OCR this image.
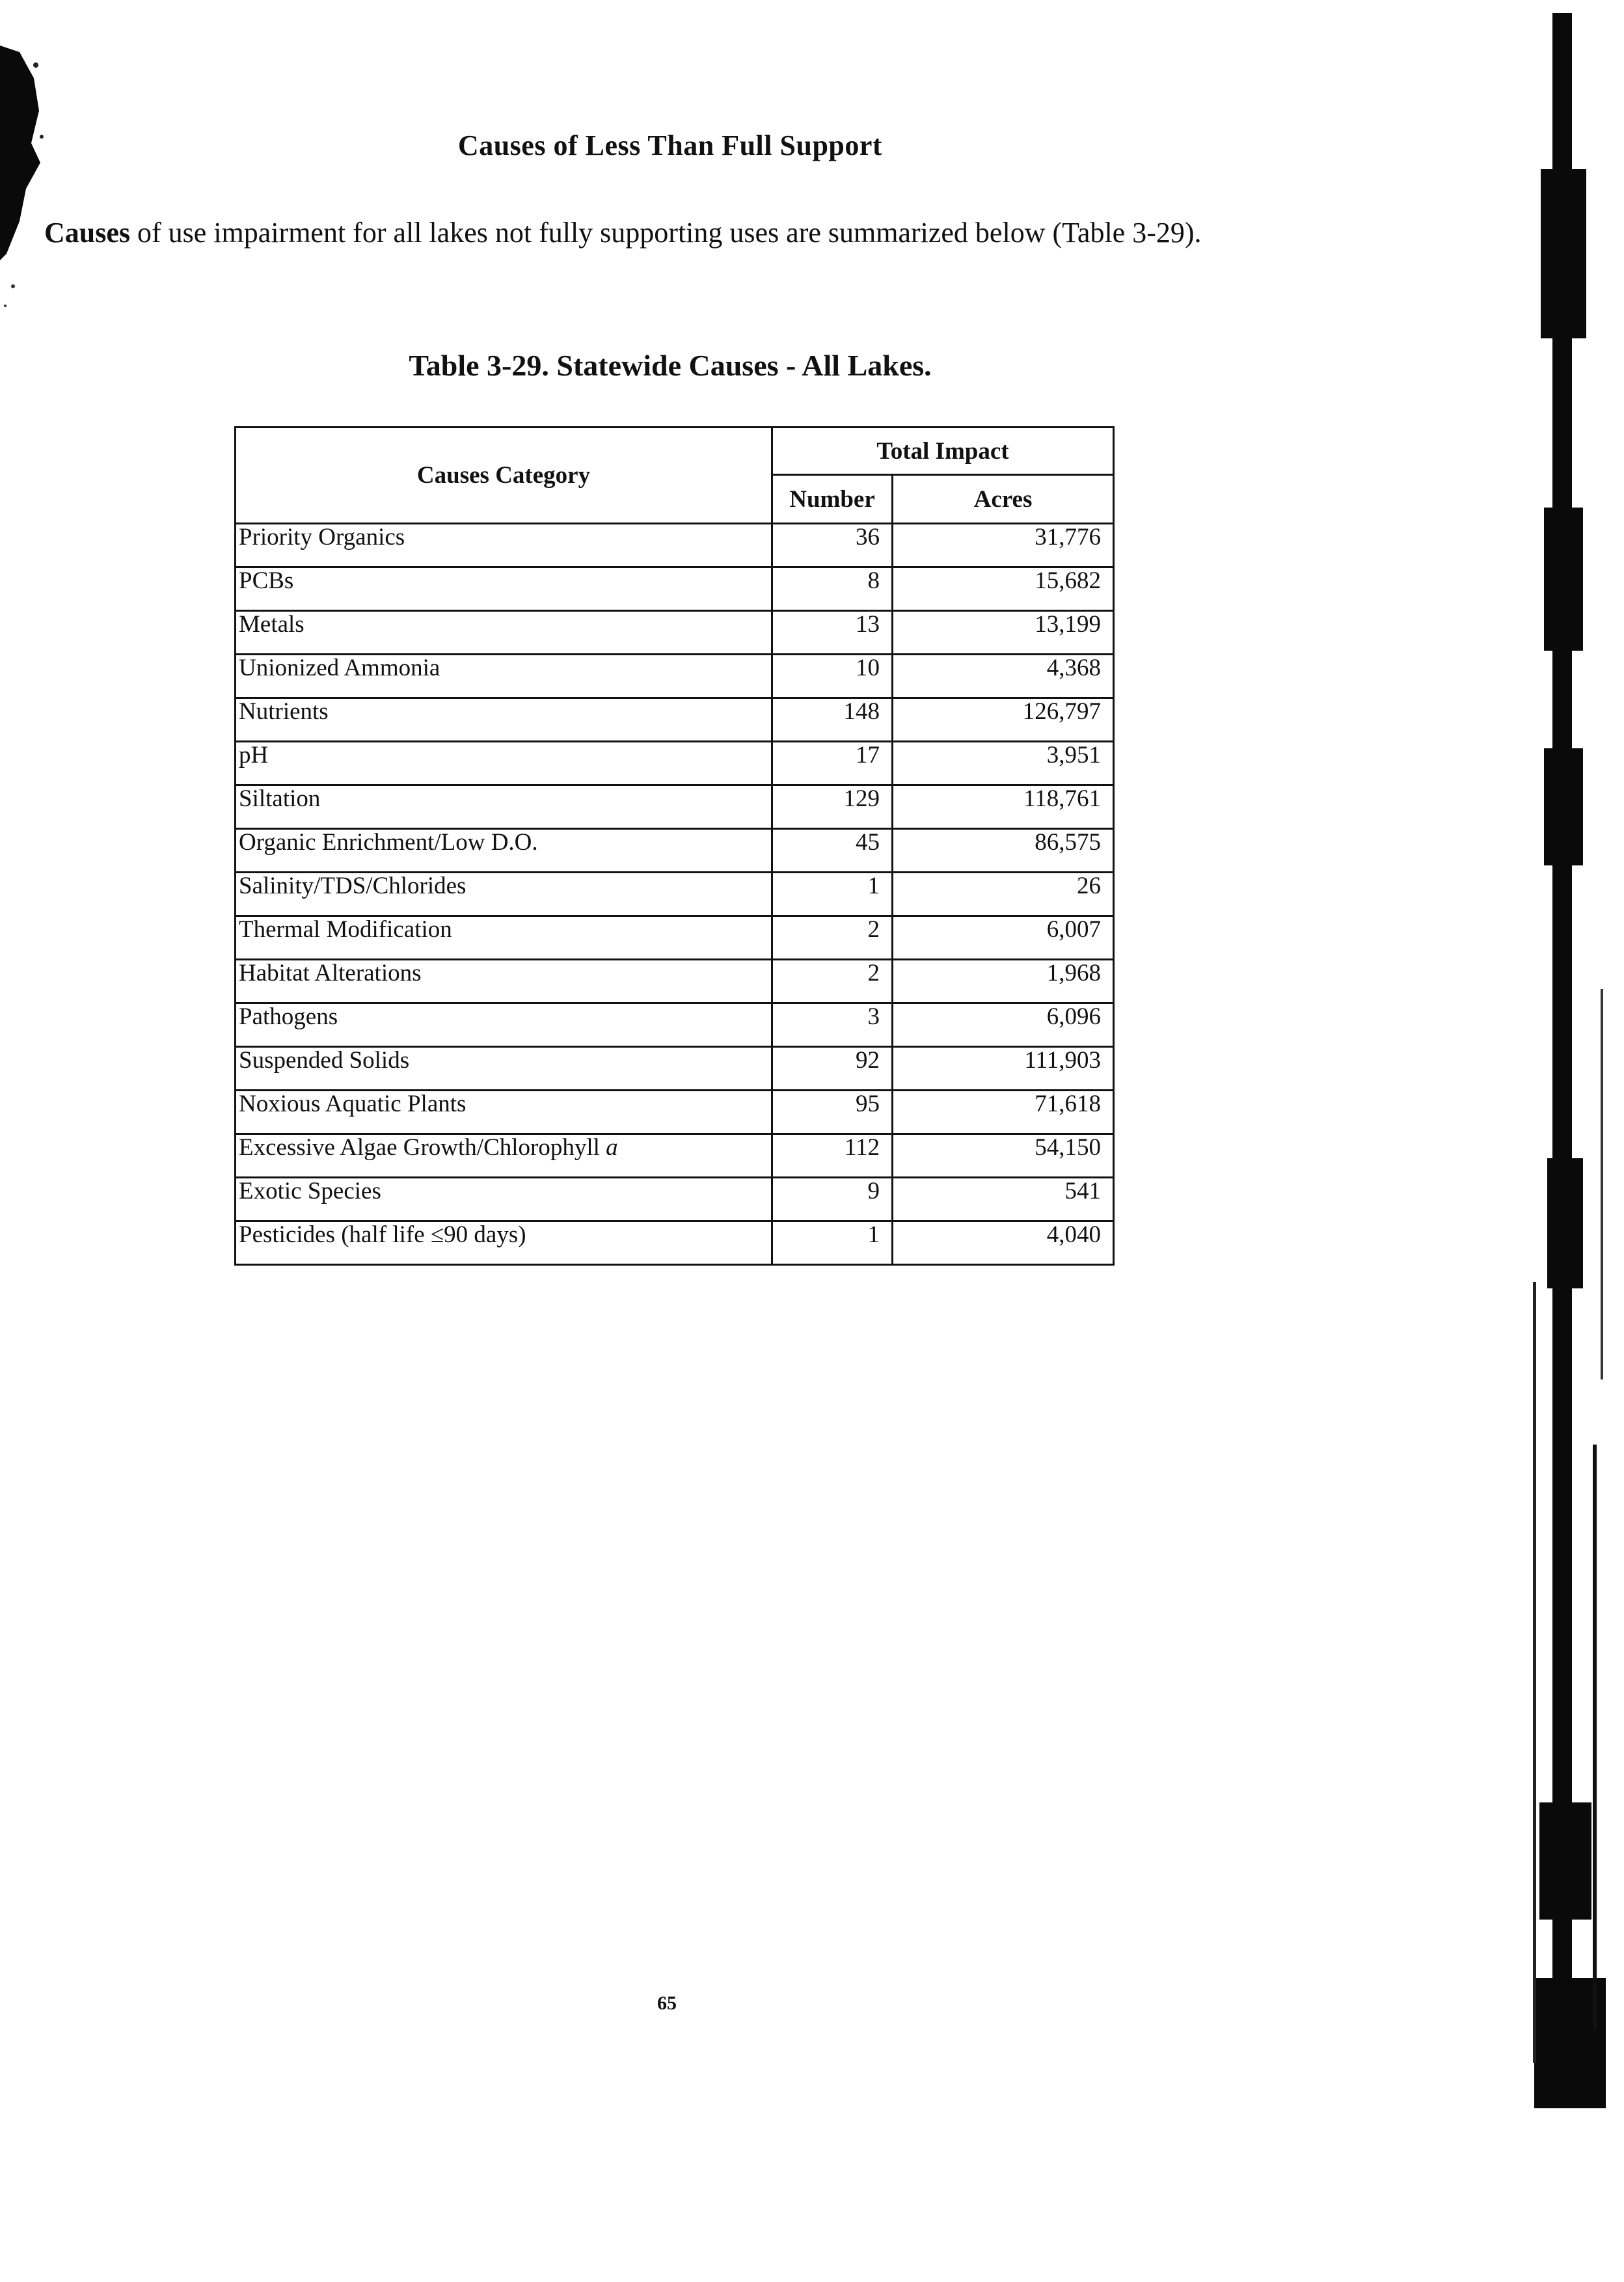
Causes of Less Than Full Support

Causes of use impairment for all lakes not fully supporting uses are summarized below (Table 3-29).

Table 3-29. Statewide Causes - All Lakes.
Causes Category	Total Impact	
	Number	Acres
Priority Organics	36	31,776
PCBs	8	15,682
Metals	13	13,199
Unionized Ammonia	10	4,368
Nutrients	148	126,797
pH	17	3,951
Siltation	129	118,761
Organic Enrichment/Low D.O.	45	86,575
Salinity/TDS/Chlorides	1	26
Thermal Modification	2	6,007
Habitat Alterations	2	1,968
Pathogens	3	6,096
Suspended Solids	92	111,903
Noxious Aquatic Plants	95	71,618
Excessive Algae Growth/Chlorophyll a	112	54,150
Exotic Species	9	541
Pesticides (half life ≤90 days)	1	4,040
65
